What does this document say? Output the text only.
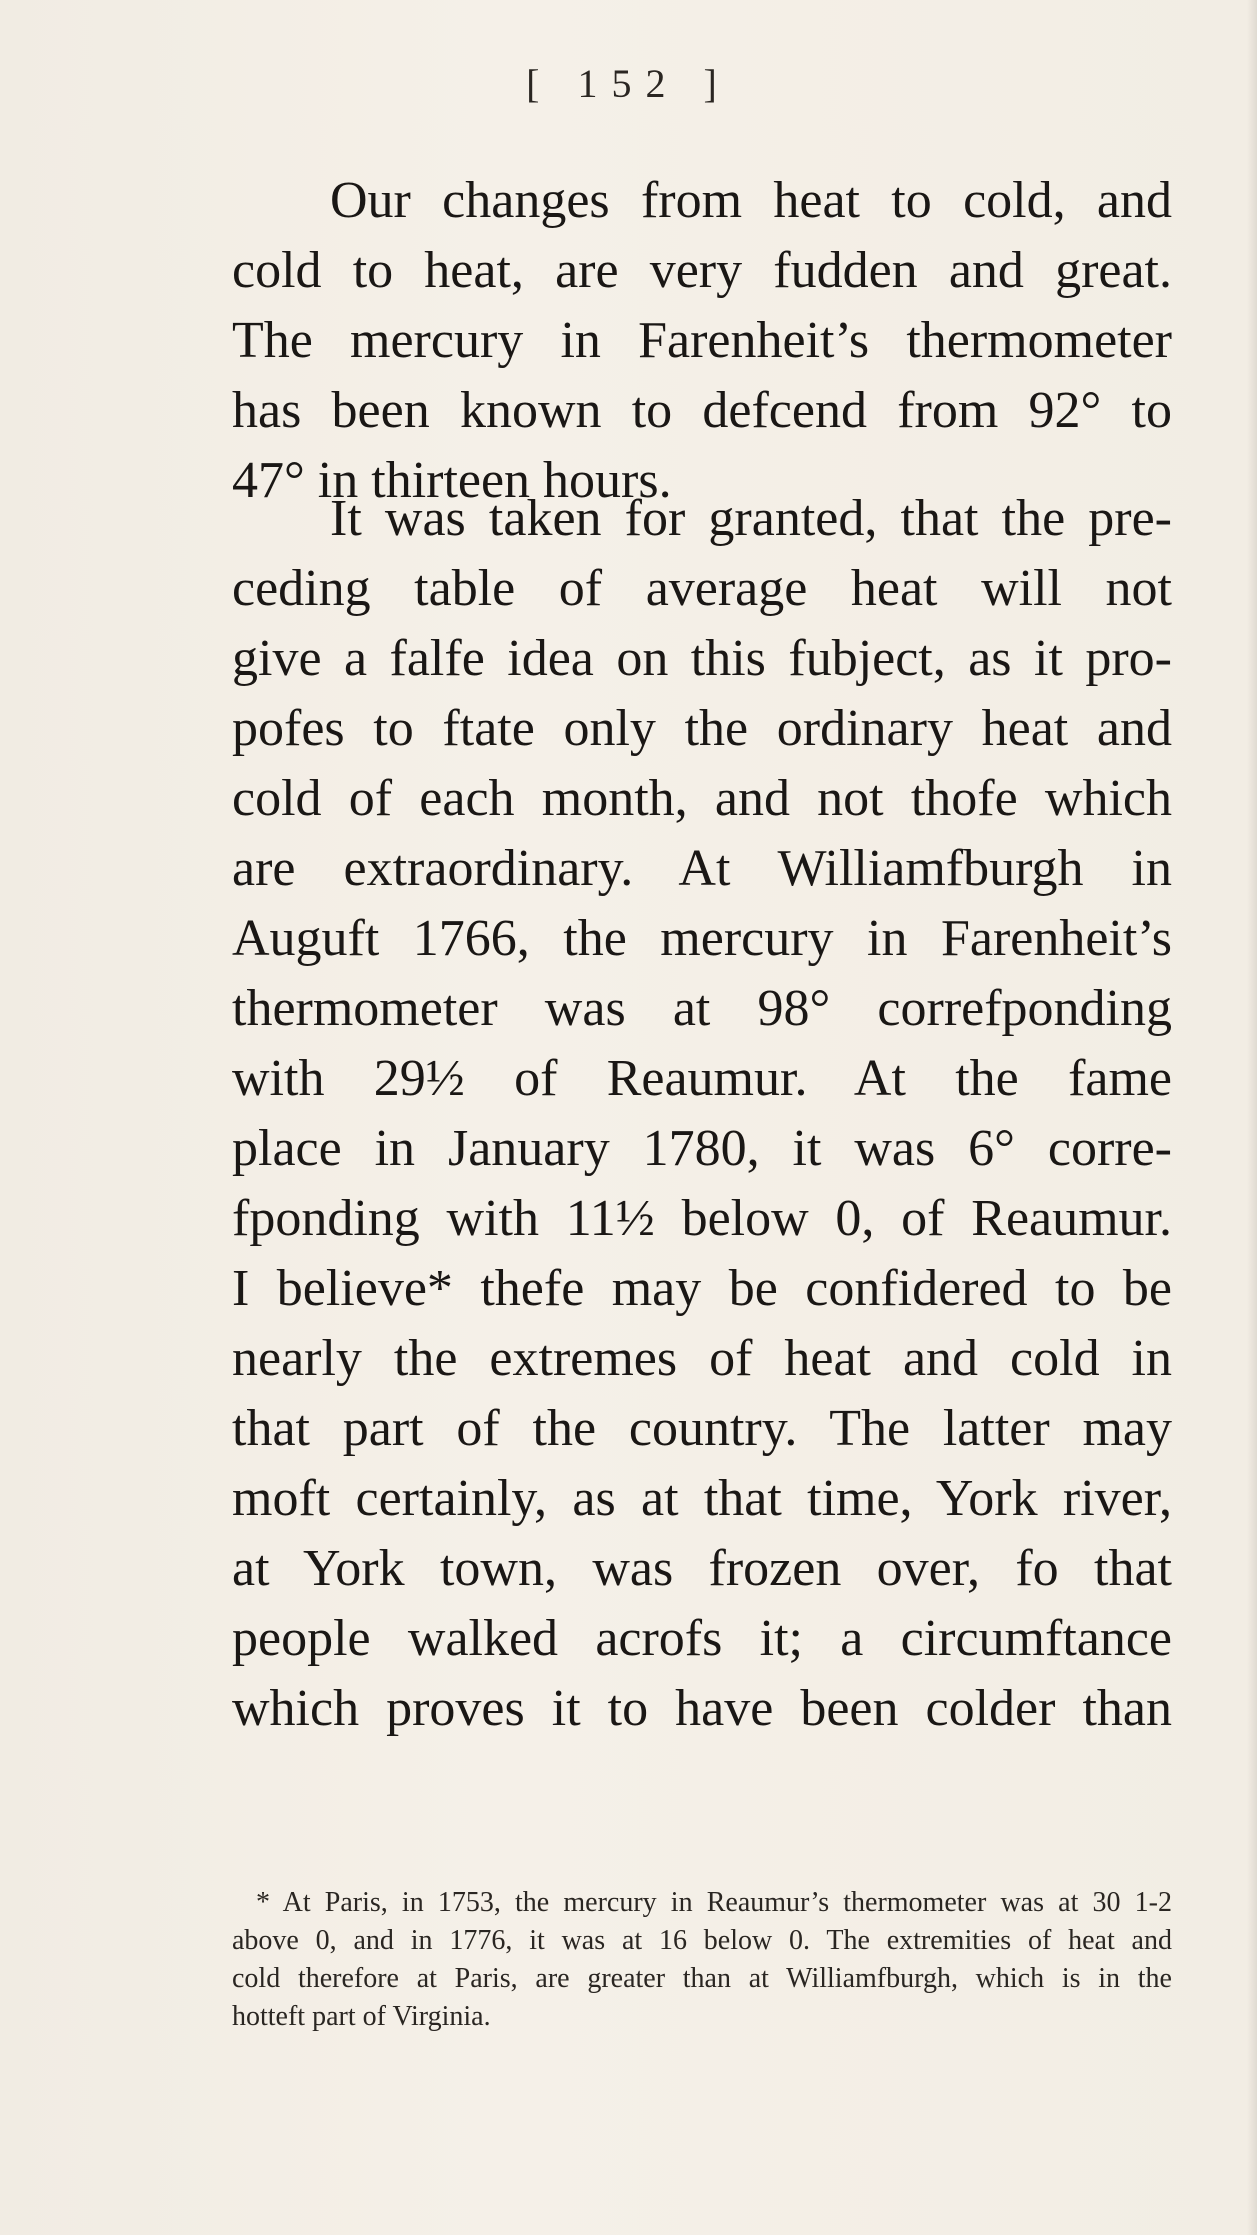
[ 152 ]
Our changes from heat to cold, and
cold to heat, are very fudden and great.
The mercury in Farenheit’s thermometer
has been known to defcend from 92° to
47° in thirteen hours.
It was taken for granted, that the pre-
ceding table of average heat will not
give a falfe idea on this fubject, as it pro-
pofes to ftate only the ordinary heat and
cold of each month, and not thofe which
are extraordinary. At Williamfburgh in
Auguft 1766, the mercury in Farenheit’s
thermometer was at 98° correfponding
with 29½ of Reaumur. At the fame
place in January 1780, it was 6° corre-
fponding with 11½ below 0, of Reaumur.
I believe* thefe may be confidered to be
nearly the extremes of heat and cold in
that part of the country. The latter may
moft certainly, as at that time, York river,
at York town, was frozen over, fo that
people walked acrofs it; a circumftance
which proves it to have been colder than
* At Paris, in 1753, the mercury in Reaumur’s thermometer was at 30 1-2
above 0, and in 1776, it was at 16 below 0. The extremities of heat and
cold therefore at Paris, are greater than at Williamfburgh, which is in the
hotteft part of Virginia.
